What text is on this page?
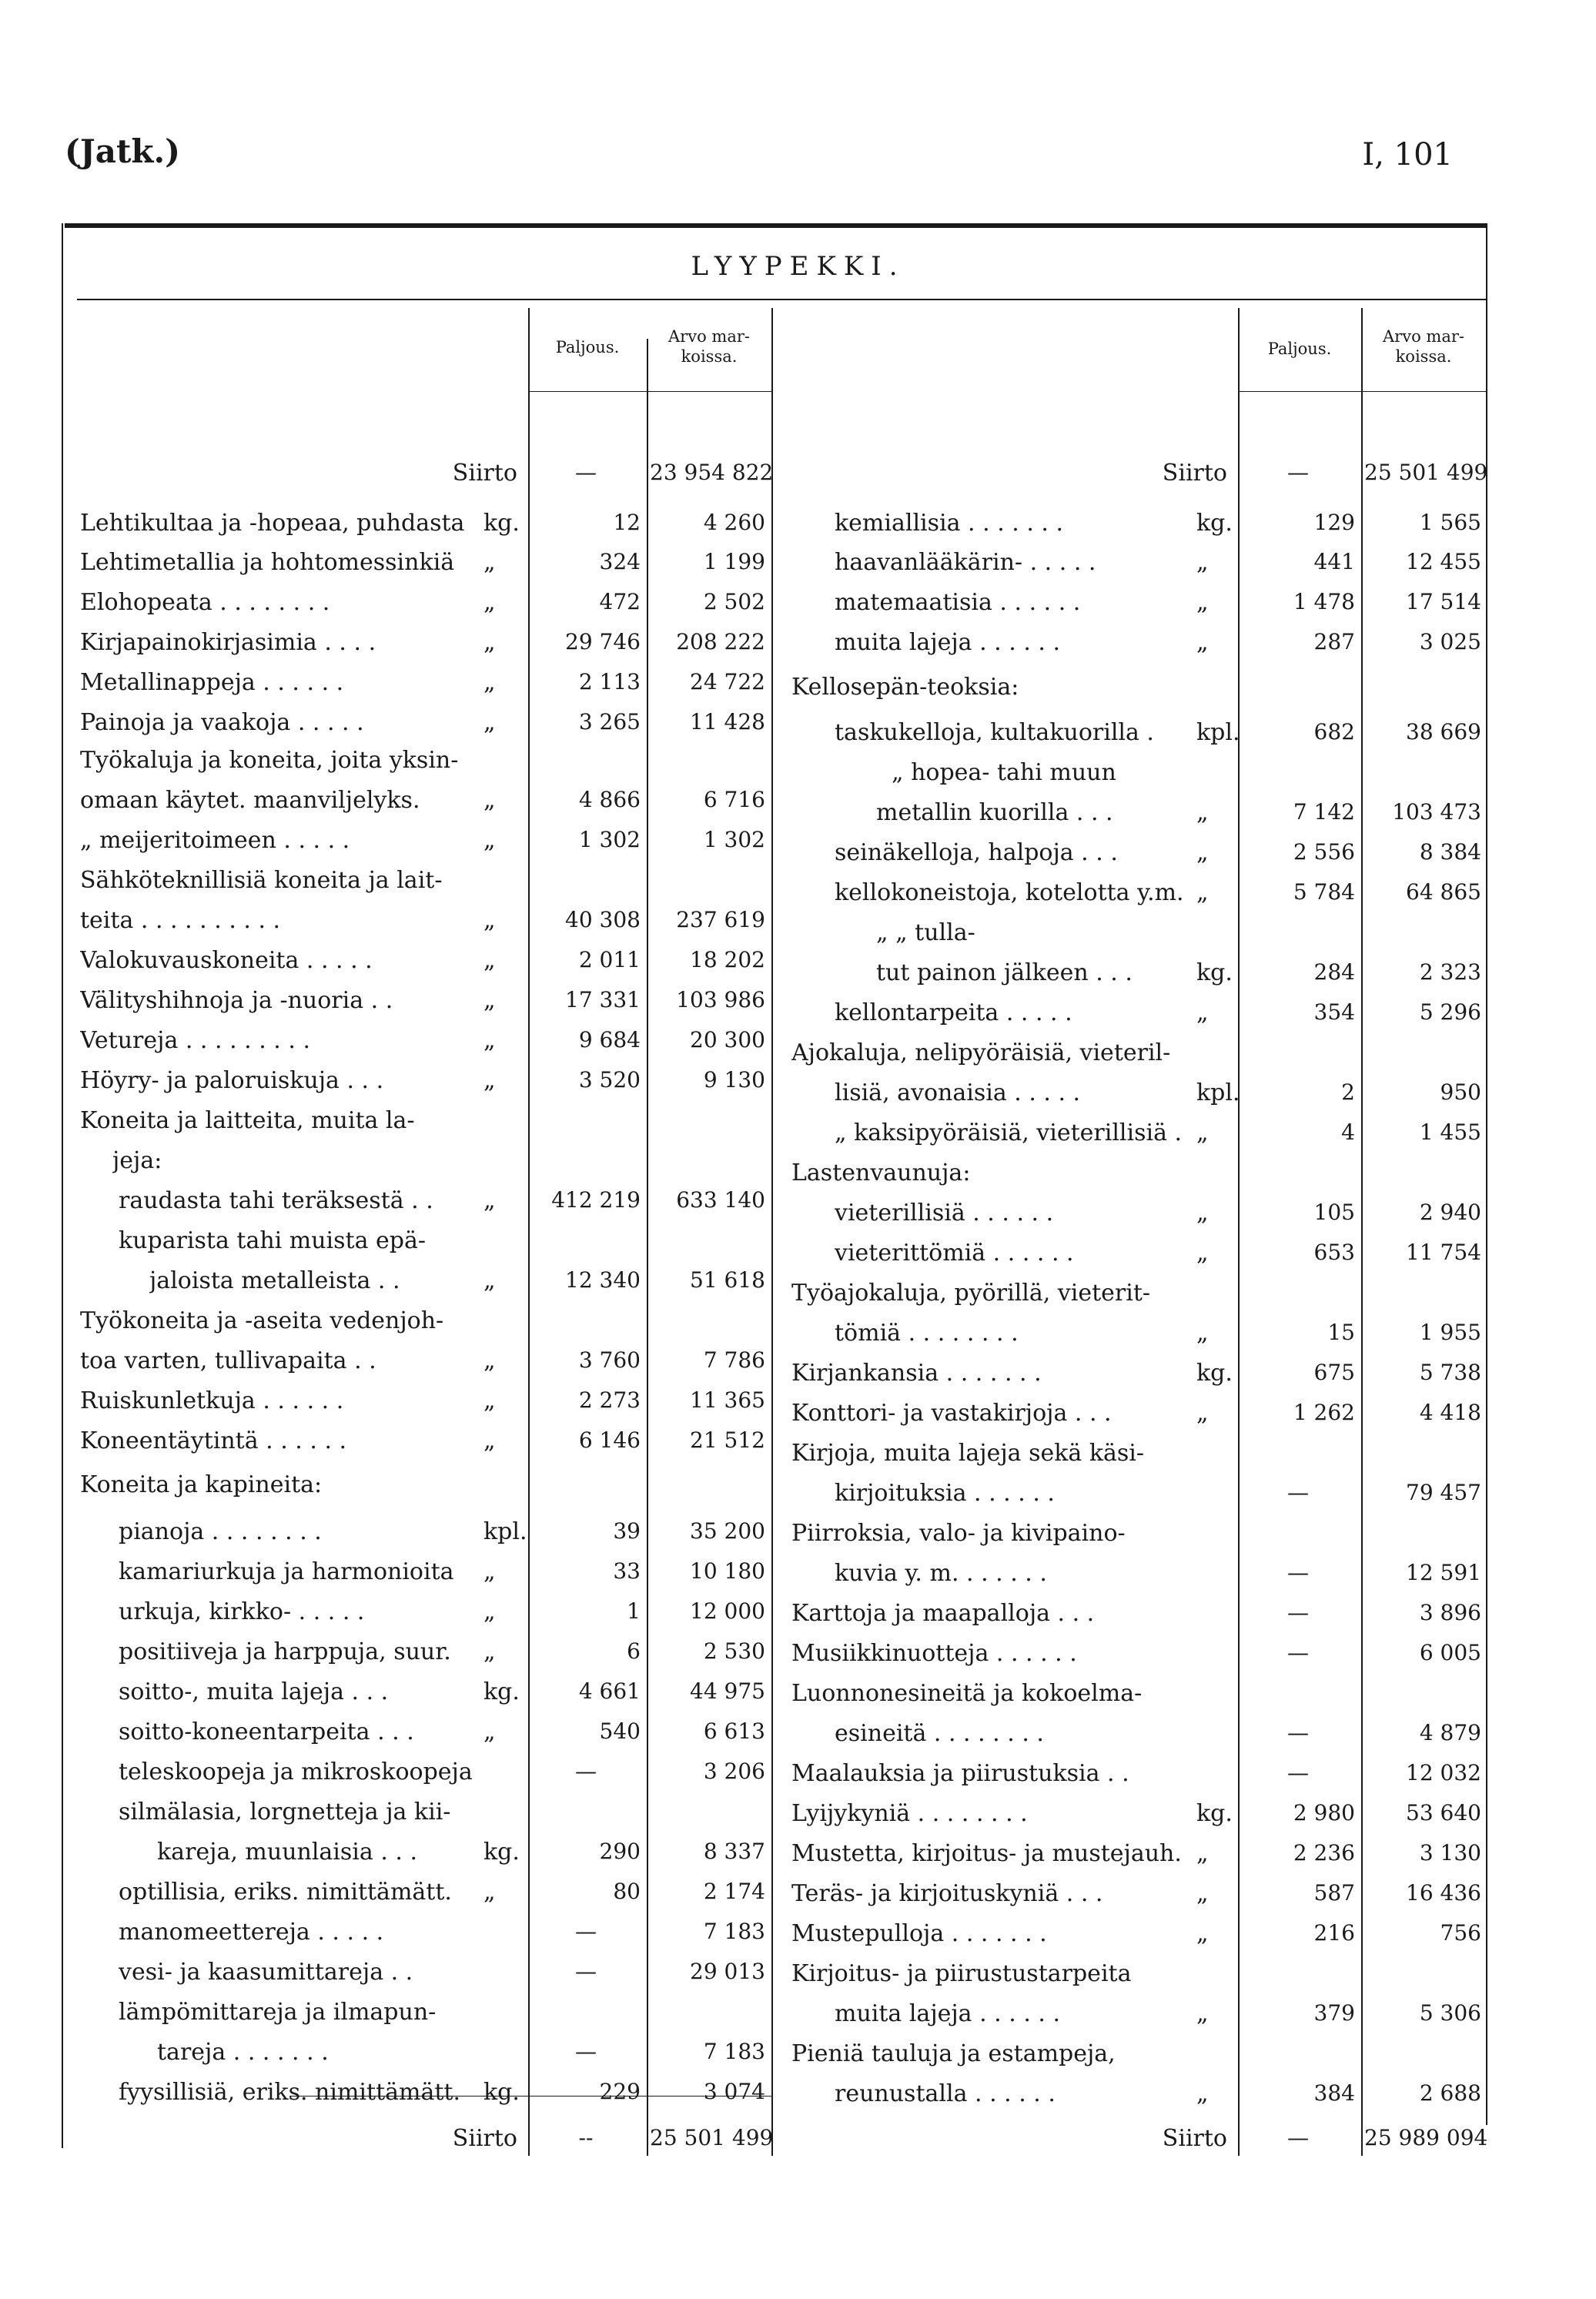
(Jatk.)	I, 101
LYYPEKKI.
Paljous.
Arvo mar-
koissa.	Paljous.
Arvo mar-
koissa.
Siirto	—	23 954 822
Lehtikultaa ja -hopeaa, puhdasta kg.	12	4 260
Lehtimetallia ja hohtomessinkiä	„	324	1 199
Elohopeata . . . . . . . .	„	472	2 502
Kirjapainokirjasimia . . . .	„	29 746	208 222
Metallinappeja . . . . . .	„	2 113	24 722
Painoja ja vaakoja . . . . .	„	3 265	11 428
Työkaluja ja koneita, joita yksin-
omaan käytet. maanviljelyks.	„	4 866	6 716
„ meijeritoimeen . . . . .	„	1 302	1 302
Sähköteknillisiä koneita ja lait-
teita . . . . . . . . . .	„	40 308	237 619
Valokuvauskoneita . . . . .	„	2 011	18 202
Välityshihnoja ja -nuoria . .	„	17 331	103 986
Vetureja . . . . . . . . .	„	9 684	20 300
Höyry- ja paloruiskuja . . .	„	3 520	9 130
Koneita ja laitteita, muita la-
jeja:
raudasta tahi teräksestä . .	„	412 219	633 140
kuparista tahi muista epä-
jaloista metalleista . .	„	12 340	51 618
Työkoneita ja -aseita vedenjoh-
toa varten, tullivapaita . .	„	3 760	7 786
Ruiskunletkuja . . . . . .	„	2 273	11 365
Koneentäytintä . . . . . .	„	6 146	21 512
Koneita ja kapineita:
pianoja . . . . . . . .	kpl.	39	35 200
kamariurkuja ja harmonioita	„	33	10 180
urkuja, kirkko- . . . . .	„	1	12 000
positiiveja ja harppuja, suur.	„	6	2 530
soitto-, muita lajeja . . .	kg.	4 661	44 975
soitto-koneentarpeita . . .	„	540	6 613
teleskoopeja ja mikroskoopeja	—	3 206
silmälasia, lorgnetteja ja kii-
kareja, muunlaisia . . .	kg.	290	8 337
optillisia, eriks. nimittämätt.	„	80	2 174
manomeettereja . . . . .	—	7 183
vesi- ja kaasumittareja . .	—	29 013
lämpömittareja ja ilmapun-
tareja . . . . . . .	—	7 183
fyysillisiä, eriks. nimittämätt.	kg.	229	3 074
Siirto	--	25 501 499
Siirto	—	25 501 499
kemiallisia . . . . . . .	kg.	129	1 565
haavanlääkärin- . . . . .	„	441	12 455
matemaatisia . . . . . .	„	1 478	17 514
muita lajeja . . . . . .	„	287	3 025
Kellosepän-teoksia:
taskukelloja, kultakuorilla .	kpl.	682	38 669
„ hopea- tahi muun
metallin kuorilla . . .	„	7 142	103 473
seinäkelloja, halpoja . . .	„	2 556	8 384
kellokoneistoja, kotelotta y.m. „	5 784	64 865
„ „ tulla-
tut painon jälkeen . . .	kg.	284	2 323
kellontarpeita . . . . .	„	354	5 296
Ajokaluja, nelipyöräisiä, vieteril-
lisiä, avonaisia . . . . .	kpl.	2	950
„ kaksipyöräisiä, vieterillisiä . „	4	1 455
Lastenvaunuja:
vieterillisiä . . . . . .	„	105	2 940
vieterittömiä . . . . . .	„	653	11 754
Työajokaluja, pyörillä, vieterit-
tömiä . . . . . . . .	„	15	1 955
Kirjankansia . . . . . . .	kg.	675	5 738
Konttori- ja vastakirjoja . . .	„	1 262	4 418
Kirjoja, muita lajeja sekä käsi-
kirjoituksia . . . . . .	—	79 457
Piirroksia, valo- ja kivipaino-
kuvia y. m. . . . . . .	—	12 591
Karttoja ja maapalloja . . .	—	3 896
Musiikkinuotteja . . . . . .	—	6 005
Luonnonesineitä ja kokoelma-
esineitä . . . . . . . .	—	4 879
Maalauksia ja piirustuksia . .	—	12 032
Lyijykyniä . . . . . . . .	kg.	2 980	53 640
Mustetta, kirjoitus- ja mustejauh. „	2 236	3 130
Teräs- ja kirjoituskyniä . . .	„	587	16 436
Mustepulloja . . . . . . .	„	216	756
Kirjoitus- ja piirustustarpeita
muita lajeja . . . . . .	„	379	5 306
Pieniä tauluja ja estampeja,
reunustalla . . . . . .	„	384	2 688
Siirto	—	25 989 094
